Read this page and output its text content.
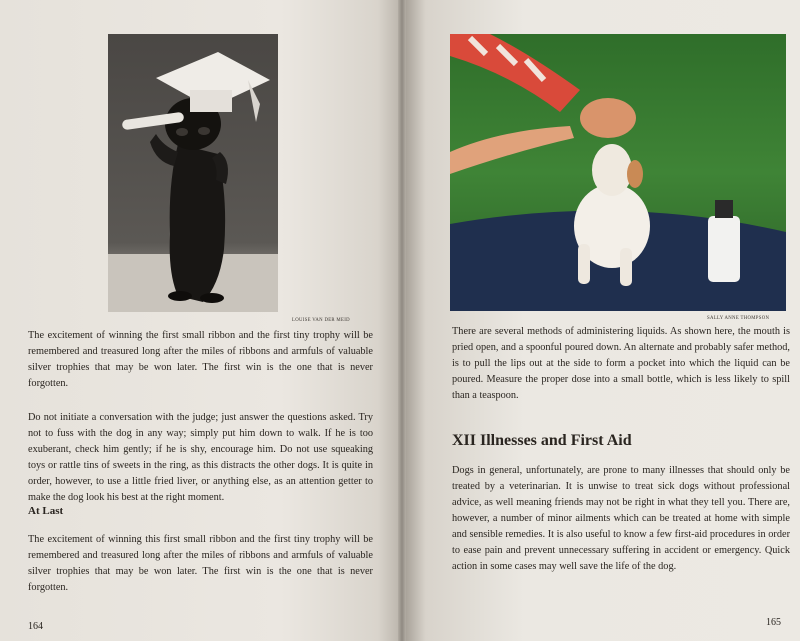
LOUISE VAN DER MEID

The excitement of winning the first small ribbon and the first tiny trophy will be remembered and treasured long after the miles of ribbons and armfuls of valuable silver trophies that may be won later. The first win is the one that is never forgotten.

Do not initiate a conversation with the judge; just answer the questions asked. Try not to fuss with the dog in any way; simply put him down to walk. If he is too exuberant, check him gently; if he is shy, encourage him. Do not use squeaking toys or rattle tins of sweets in the ring, as this distracts the other dogs. It is quite in order, however, to use a little fried liver, or anything else, as an attention getter to make the dog look his best at the right moment.

At Last

The excitement of winning this first small ribbon and the first tiny trophy will be remembered and treasured long after the miles of ribbons and armfuls of valuable silver trophies that may be won later. The first win is the one that is never forgotten.

164
SALLY ANNE THOMPSON

There are several methods of administering liquids. As shown here, the mouth is pried open, and a spoonful poured down. An alternate and probably safer method, is to pull the lips out at the side to form a pocket into which the liquid can be poured. Measure the proper dose into a small bottle, which is less likely to spill than a teaspoon.

XII Illnesses and First Aid

Dogs in general, unfortunately, are prone to many illnesses that should only be treated by a veterinarian. It is unwise to treat sick dogs without professional advice, as well meaning friends may not be right in what they tell you. There are, however, a number of minor ailments which can be treated at home with simple and sensible remedies. It is also useful to know a few first-aid procedures in order to ease pain and prevent unnecessary suffering in accident or emergency. Quick action in some cases may well save the life of the dog.

165
